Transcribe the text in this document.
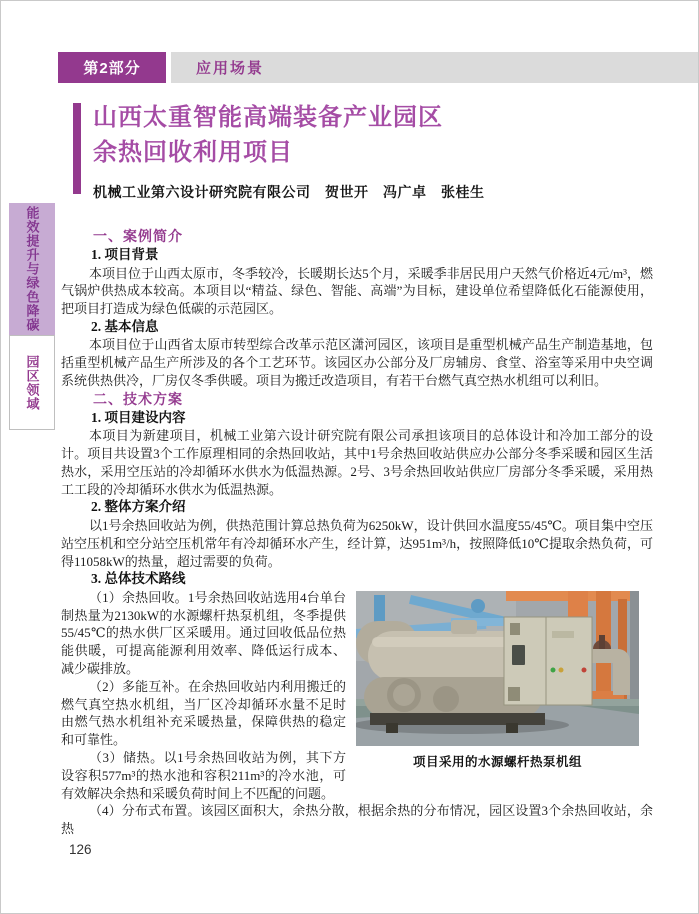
第2部分	应用场景
山西太重智能高端装备产业园区
余热回收利用项目
机械工业第六设计研究院有限公司　贺世开　冯广卓　张桂生
能效提升与绿色降碳
园区领域
一、案例简介
1. 项目背景

本项目位于山西太原市，冬季较冷，长暖期长达5个月，采暖季非居民用户天然气价格近4元/m³，燃气锅炉供热成本较高。本项目以“精益、绿色、智能、高端”为目标，建设单位希望降低化石能源使用，把项目打造成为绿色低碳的示范园区。

2. 基本信息

本项目位于山西省太原市转型综合改革示范区潇河园区，该项目是重型机械产品生产制造基地，包括重型机械产品生产所涉及的各个工艺环节。该园区办公部分及厂房辅房、食堂、浴室等采用中央空调系统供热供冷，厂房仅冬季供暖。项目为搬迁改造项目，有若干台燃气真空热水机组可以利旧。

二、技术方案
1. 项目建设内容

本项目为新建项目，机械工业第六设计研究院有限公司承担该项目的总体设计和冷加工部分的设计。项目共设置3个工作原理相同的余热回收站，其中1号余热回收站供应办公部分冬季采暖和园区生活热水，采用空压站的冷却循环水供水为低温热源。2号、3号余热回收站供应厂房部分冬季采暖，采用热工工段的冷却循环水供水为低温热源。

2. 整体方案介绍

以1号余热回收站为例，供热范围计算总热负荷为6250kW，设计供回水温度55/45℃。项目集中空压站空压机和空分站空压机常年有冷却循环水产生，经计算，达951m³/h，按照降低10℃提取余热负荷，可得11058kW的热量，超过需要的负荷。

3. 总体技术路线

（1）余热回收。1号余热回收站选用4台单台制热量为2130kW的水源螺杆热泵机组，冬季提供55/45℃的热水供厂区采暖用。通过回收低品位热能供暖，可提高能源利用效率、降低运行成本、减少碳排放。

（2）多能互补。在余热回收站内利用搬迁的燃气真空热水机组，当厂区冷却循环水量不足时由燃气热水机组补充采暖热量，保障供热的稳定和可靠性。

（3）储热。以1号余热回收站为例，其下方设容积577m³的热水池和容积211m³的冷水池，可有效解决余热和采暖负荷时间上不匹配的问题。

项目采用的水源螺杆热泵机组

（4）分布式布置。该园区面积大，余热分散，根据余热的分布情况，园区设置3个余热回收站，余热

126
